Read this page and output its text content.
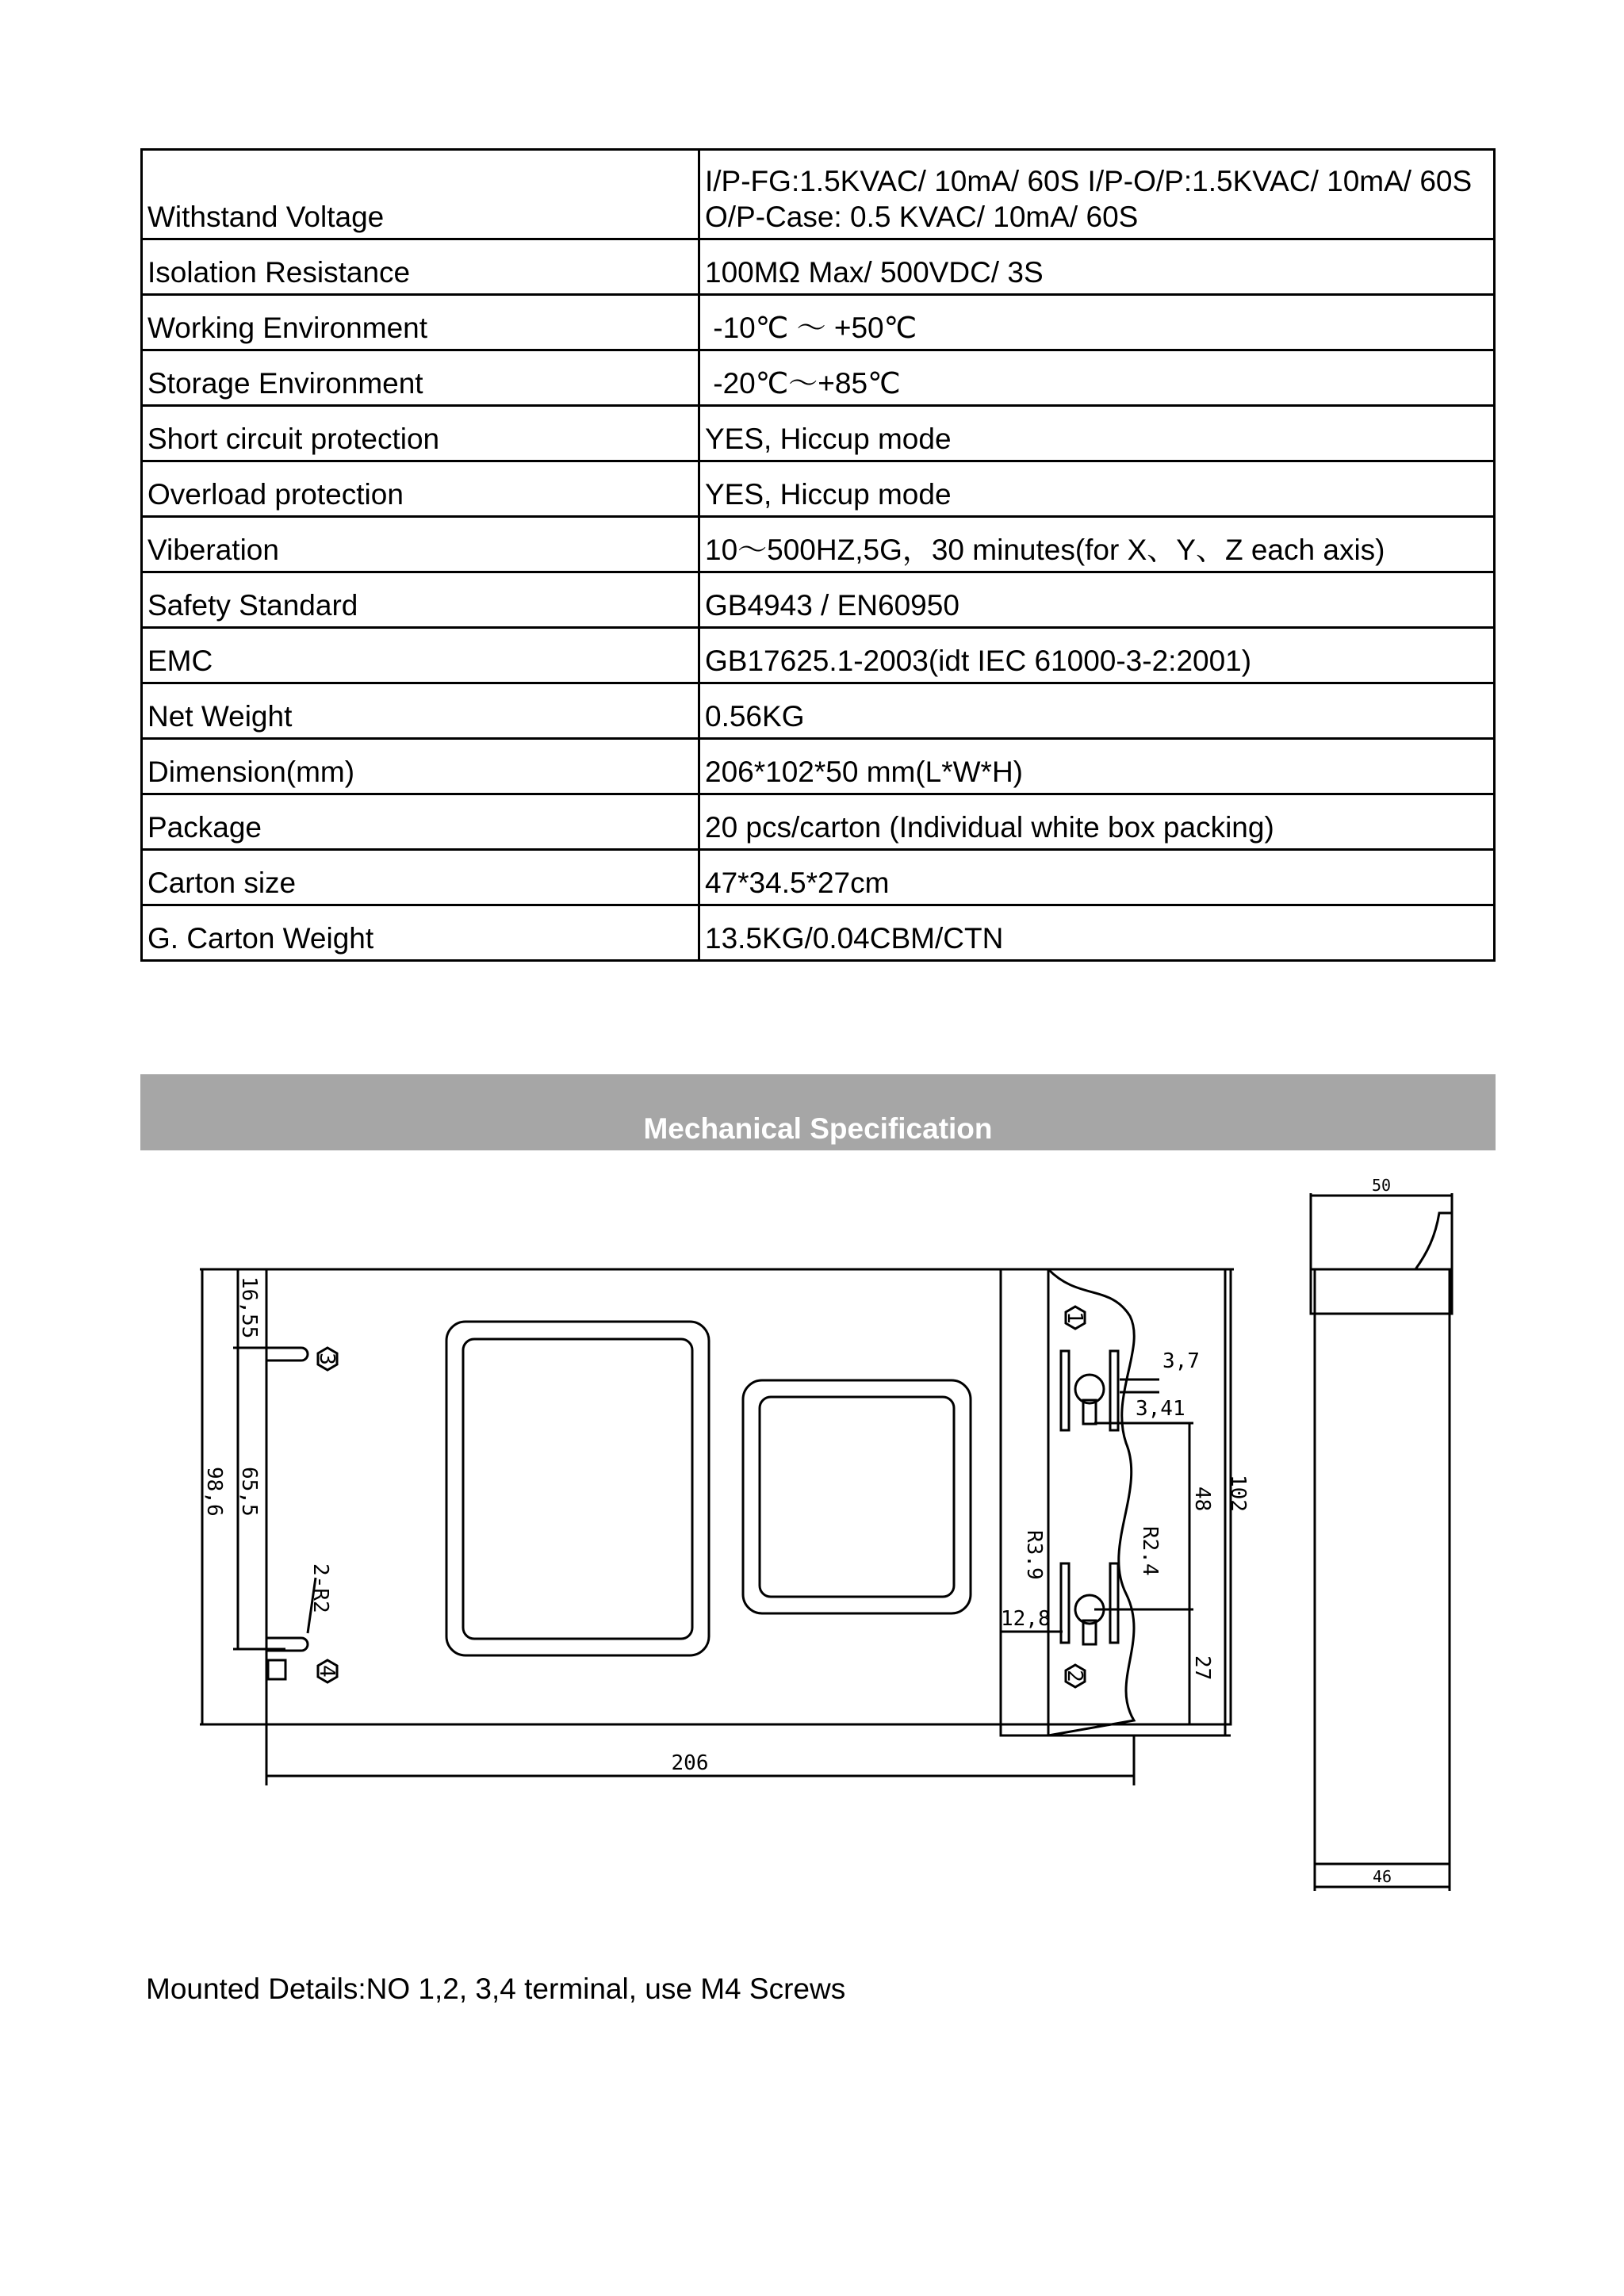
Withstand Voltage	I/P-FG:1.5KVAC/ 10mA/ 60S I/P-O/P:1.5KVAC/ 10mA/ 60S O/P-Case: 0.5 KVAC/ 10mA/ 60S
Isolation Resistance	100MΩ Max/ 500VDC/ 3S
Working Environment	-10℃ ～ +50℃
Storage Environment	-20℃～+85℃
Short circuit protection	YES, Hiccup mode
Overload protection	YES, Hiccup mode
Viberation	10～500HZ,5G，30 minutes(for X、Y、Z each axis)
Safety Standard	GB4943 / EN60950
EMC	GB17625.1-2003(idt IEC 61000-3-2:2001)
Net Weight	0.56KG
Dimension(mm)	206*102*50 mm(L*W*H)
Package	20 pcs/carton (Individual white box packing)
Carton size	47*34.5*27cm
G. Carton Weight	13.5KG/0.04CBM/CTN
Mechanical Specification
3
4
1
2
16,55
65,5
98,6
2-R2
206
3,7
3,41
48 102
R2.4
R3.9
12,8
27
50
46
Mounted Details:NO 1,2, 3,4 terminal, use M4 Screws
